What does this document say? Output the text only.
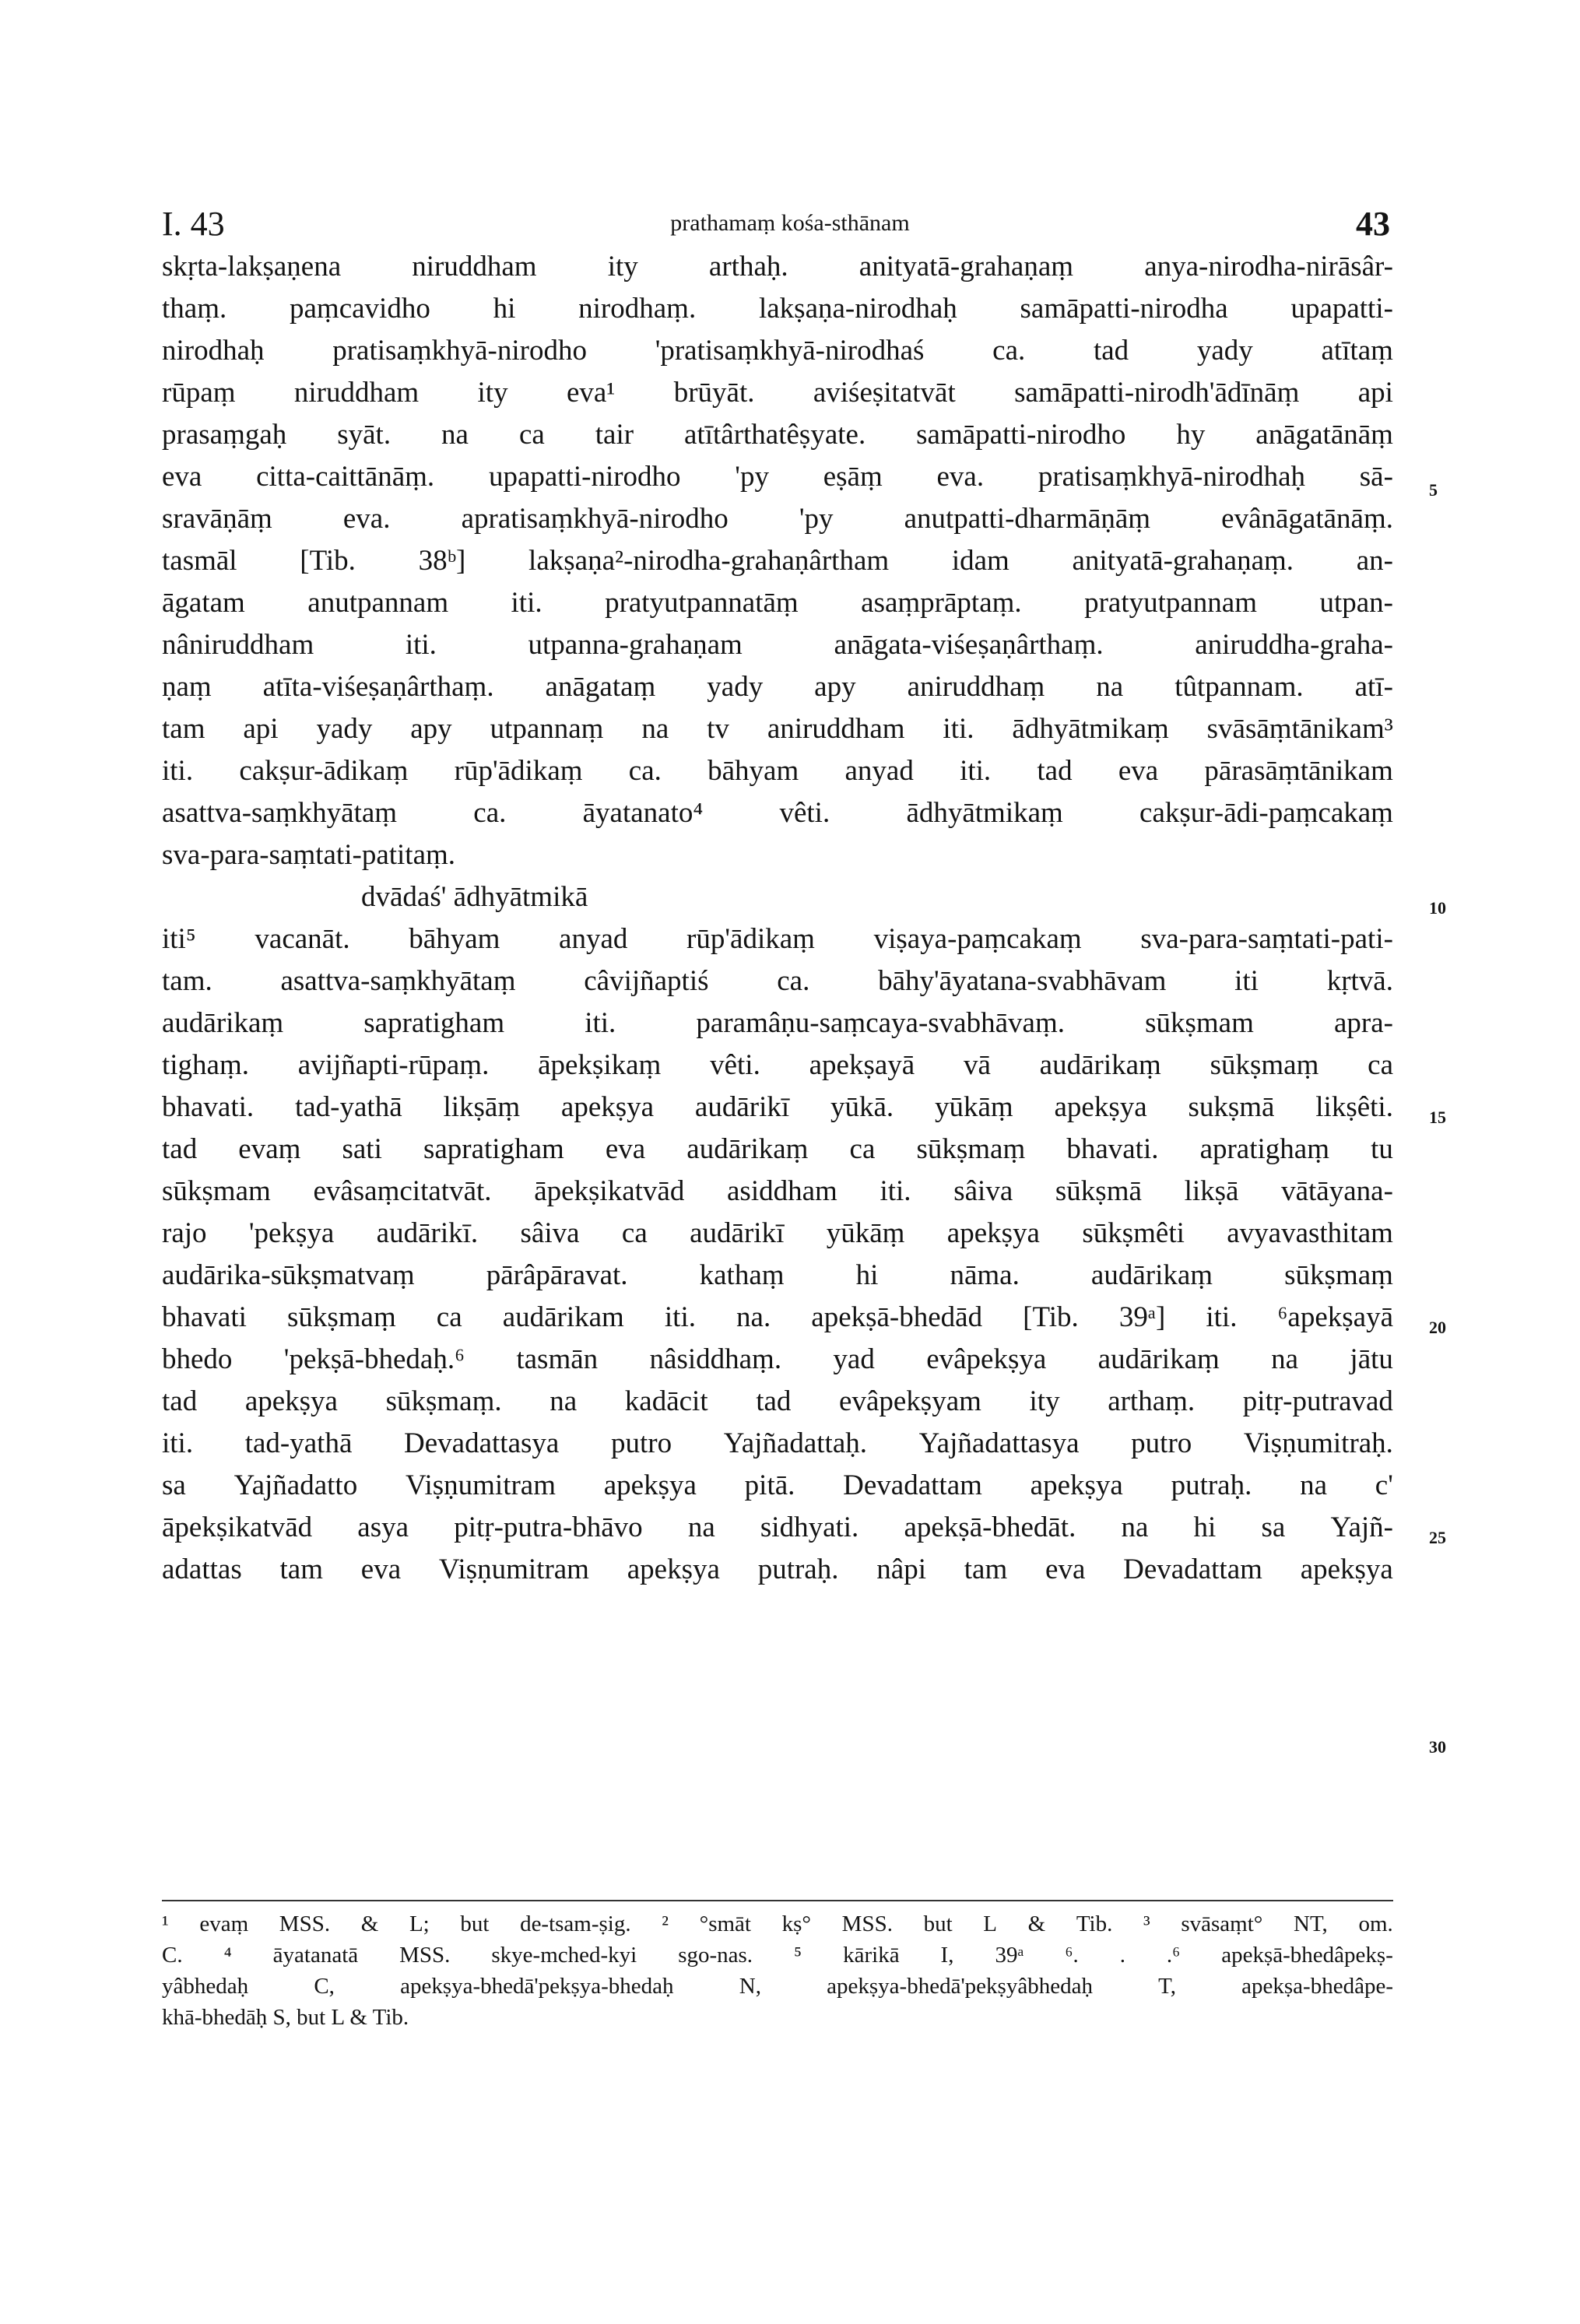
I. 43	prathamaṃ kośa-sthānam	43
skṛta-lakṣaṇena niruddham ity arthaḥ. anityatā-grahaṇaṃ anya-nirodha-nirāsâr-
thaṃ. paṃcavidho hi nirodhaṃ. lakṣaṇa-nirodhaḥ samāpatti-nirodha upapatti-
nirodhaḥ pratisaṃkhyā-nirodho 'pratisaṃkhyā-nirodhaś ca. tad yady atītaṃ
rūpaṃ niruddham ity eva¹ brūyāt. aviśeṣitatvāt samāpatti-nirodh'ādīnāṃ api
prasaṃgaḥ syāt. na ca tair atītârthatêṣyate. samāpatti-nirodho hy anāgatānāṃ
eva citta-caittānāṃ. upapatti-nirodho 'py eṣāṃ eva. pratisaṃkhyā-nirodhaḥ sā-
sravāṇāṃ eva. apratisaṃkhyā-nirodho 'py anutpatti-dharmāṇāṃ evânāgatānāṃ.
tasmāl [Tib. 38ᵇ] lakṣaṇa²-nirodha-grahaṇârtham idam anityatā-grahaṇaṃ. an-
āgatam anutpannam iti. pratyutpannatāṃ asaṃprāptaṃ. pratyutpannam utpan-
nâniruddham	iti.	utpanna-grahaṇam	anāgata-viśeṣaṇârthaṃ.	aniruddha-graha-
ṇaṃ atīta-viśeṣaṇârthaṃ. anāgataṃ yady apy aniruddhaṃ na tûtpannam. atī-
tam api yady apy utpannaṃ na tv aniruddham iti. ādhyātmikaṃ svāsāṃtānikam³
iti. cakṣur-ādikaṃ rūp'ādikaṃ ca. bāhyam anyad iti. tad eva pārasāṃtānikam
asattva-saṃkhyātaṃ	ca.	āyatanato⁴	vêti.	ādhyātmikaṃ	cakṣur-ādi-paṃcakaṃ
sva-para-saṃtati-patitaṃ.
dvādaś' ādhyātmikā
iti⁵ vacanāt. bāhyam anyad rūp'ādikaṃ viṣaya-paṃcakaṃ sva-para-saṃtati-pati-
tam. asattva-saṃkhyātaṃ câvijñaptiś ca. bāhy'āyatana-svabhāvam iti kṛtvā.
audārikaṃ	sapratigham	iti.	paramâṇu-saṃcaya-svabhāvaṃ.	sūkṣmam	apra-
tighaṃ. avijñapti-rūpaṃ. āpekṣikaṃ vêti. apekṣayā vā audārikaṃ sūkṣmaṃ ca
bhavati. tad-yathā likṣāṃ apekṣya audārikī yūkā. yūkāṃ apekṣya sukṣmā likṣêti.
tad evaṃ sati sapratigham eva audārikaṃ ca sūkṣmaṃ bhavati. apratighaṃ tu
sūkṣmam evâsaṃcitatvāt. āpekṣikatvād asiddham iti. sâiva sūkṣmā likṣā vātāyana-
rajo 'pekṣya audārikī. sâiva ca audārikī yūkāṃ apekṣya sūkṣmêti avyavasthitam
audārika-sūkṣmatvaṃ pārâpāravat. kathaṃ hi nāma. audārikaṃ sūkṣmaṃ
bhavati sūkṣmaṃ ca audārikam iti. na. apekṣā-bhedād [Tib. 39ᵃ] iti. ⁶apekṣayā
bhedo 'pekṣā-bhedaḥ.⁶ tasmān nâsiddhaṃ. yad evâpekṣya audārikaṃ na jātu
tad apekṣya sūkṣmaṃ. na kadācit tad evâpekṣyam ity arthaṃ. pitṛ-putravad
iti. tad-yathā Devadattasya putro Yajñadattaḥ. Yajñadattasya putro Viṣṇumitraḥ.
sa Yajñadatto Viṣṇumitram apekṣya pitā. Devadattam apekṣya putraḥ. na c'
āpekṣikatvād asya pitṛ-putra-bhāvo na sidhyati. apekṣā-bhedāt. na hi sa Yajñ-
adattas tam eva Viṣṇumitram apekṣya putraḥ. nâpi tam eva Devadattam apekṣya
5
10
15
20
25
30
¹ evaṃ MSS. & L; but de-tsam-ṣig. ² °smāt kṣ° MSS. but L & Tib. ³ svāsaṃt° NT, om.
C. ⁴ āyatanatā MSS. skye-mched-kyi sgo-nas. ⁵ kārikā I, 39ᵃ ⁶. . .⁶ apekṣā-bhedâpekṣ-
yâbhedaḥ	C,	apekṣya-bhedā'pekṣya-bhedaḥ	N,	apekṣya-bhedā'pekṣyâbhedaḥ	T,	apekṣa-bhedâpe-
khā-bhedāḥ S, but L & Tib.
